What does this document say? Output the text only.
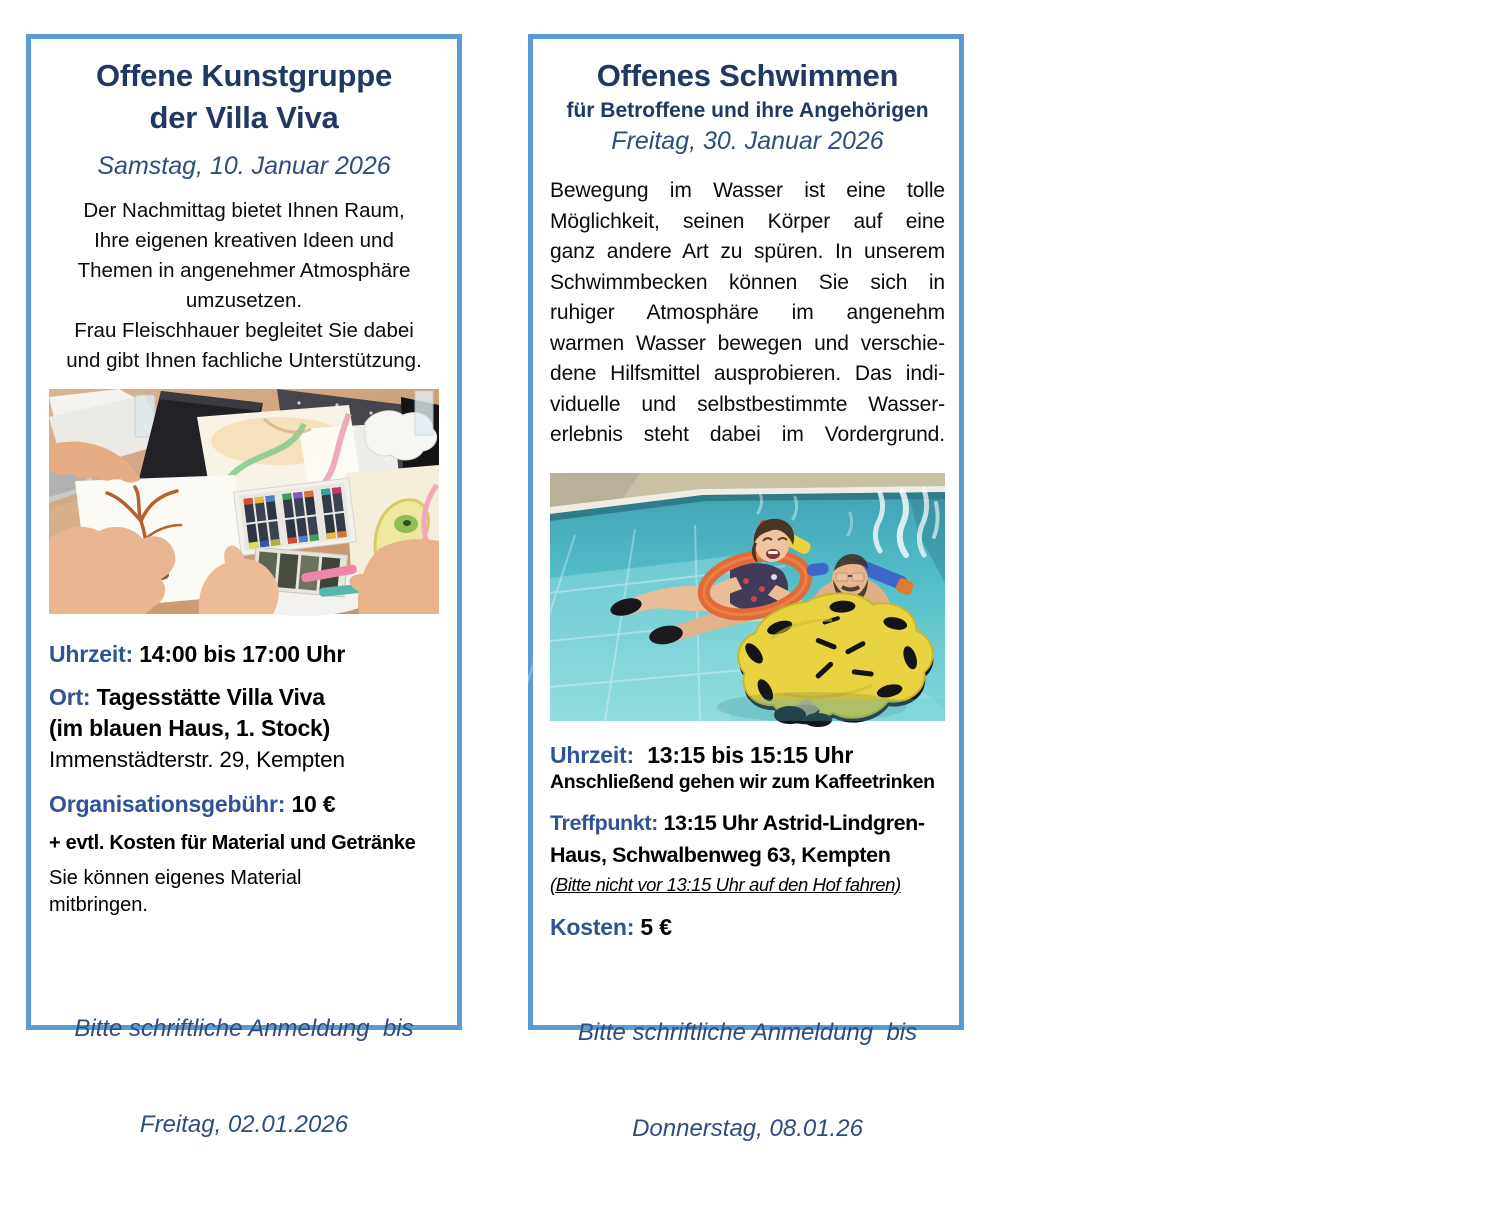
Offene Kunstgruppe
der Villa Viva
Samstag, 10. Januar 2026
Der Nachmittag bietet Ihnen Raum,
Ihre eigenen kreativen Ideen und
Themen in angenehmer Atmosphäre
umzusetzen.
Frau Fleischhauer begleitet Sie dabei
und gibt Ihnen fachliche Unterstützung.
Uhrzeit: 14:00 bis 17:00 Uhr
Ort: Tagesstätte Villa Viva
(im blauen Haus, 1. Stock)
Immenstädterstr. 29, Kempten
Organisationsgebühr: 10 €
+ evtl. Kosten für Material und Getränke
Sie können eigenes Material
mitbringen.

Bitte schriftliche Anmeldung  bis

Freitag, 02.01.2026

Offenes Schwimmen
für Betroffene und ihre Angehörigen
Freitag, 30. Januar 2026
Bewegung im Wasser ist eine tolle
Möglichkeit, seinen Körper auf eine
ganz andere Art zu spüren. In unserem
Schwimmbecken können Sie sich in
ruhiger Atmosphäre im angenehm
warmen Wasser bewegen und verschie-
dene Hilfsmittel ausprobieren. Das indi-
viduelle und selbstbestimmte Wasser-
erlebnis steht dabei im Vordergrund.
Uhrzeit: 13:15 bis 15:15 Uhr
Anschließend gehen wir zum Kaffeetrinken
Treffpunkt: 13:15 Uhr Astrid-Lindgren-
Haus, Schwalbenweg 63, Kempten
(Bitte nicht vor 13:15 Uhr auf den Hof fahren)
Kosten: 5 €

Bitte schriftliche Anmeldung  bis

Donnerstag, 08.01.26
